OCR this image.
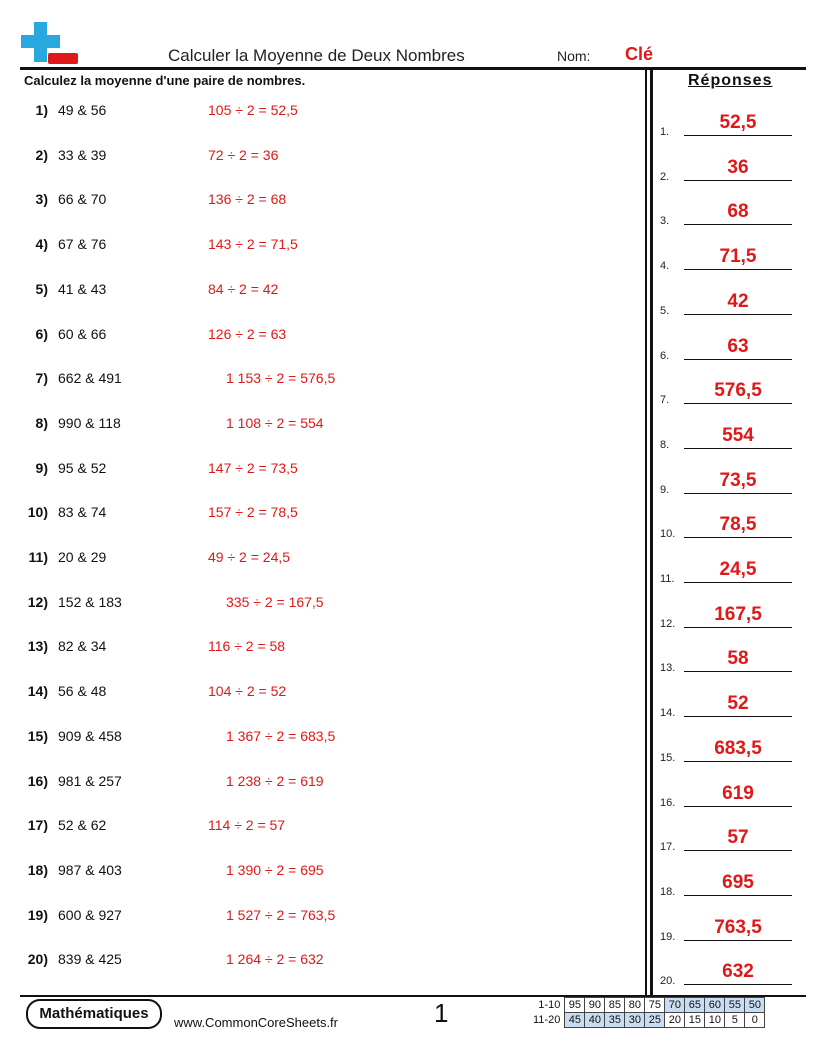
Calculer la Moyenne de Deux Nombres	Nom: Clé
Calculez la moyenne d'une paire de nombres.	Réponses
1) 49 & 56	105 ÷ 2 = 52,5
2) 33 & 39	72 ÷ 2 = 36
3) 66 & 70	136 ÷ 2 = 68
4) 67 & 76	143 ÷ 2 = 71,5
5) 41 & 43	84 ÷ 2 = 42
6) 60 & 66	126 ÷ 2 = 63
7) 662 & 491	1 153 ÷ 2 = 576,5
8) 990 & 118	1 108 ÷ 2 = 554
9) 95 & 52	147 ÷ 2 = 73,5
10) 83 & 74	157 ÷ 2 = 78,5
11) 20 & 29	49 ÷ 2 = 24,5
12) 152 & 183	335 ÷ 2 = 167,5
13) 82 & 34	116 ÷ 2 = 58
14) 56 & 48	104 ÷ 2 = 52
15) 909 & 458	1 367 ÷ 2 = 683,5
16) 981 & 257	1 238 ÷ 2 = 619
17) 52 & 62	114 ÷ 2 = 57
18) 987 & 403	1 390 ÷ 2 = 695
19) 600 & 927	1 527 ÷ 2 = 763,5
20) 839 & 425	1 264 ÷ 2 = 632
1.	52,5
2.	36
3.	68
4.	71,5
5.	42
6.	63
7.	576,5
8.	554
9.	73,5
10.	78,5
11.	24,5
12.	167,5
13.	58
14.	52
15.	683,5
16.	619
17.	57
18.	695
19.	763,5
20.	632
Mathématiques
www.CommonCoreSheets.fr	1	1-10	95	90	85	80	75	70	65	60	55	50
11-20	45	40	35	30	25	20	15	10	5	0
